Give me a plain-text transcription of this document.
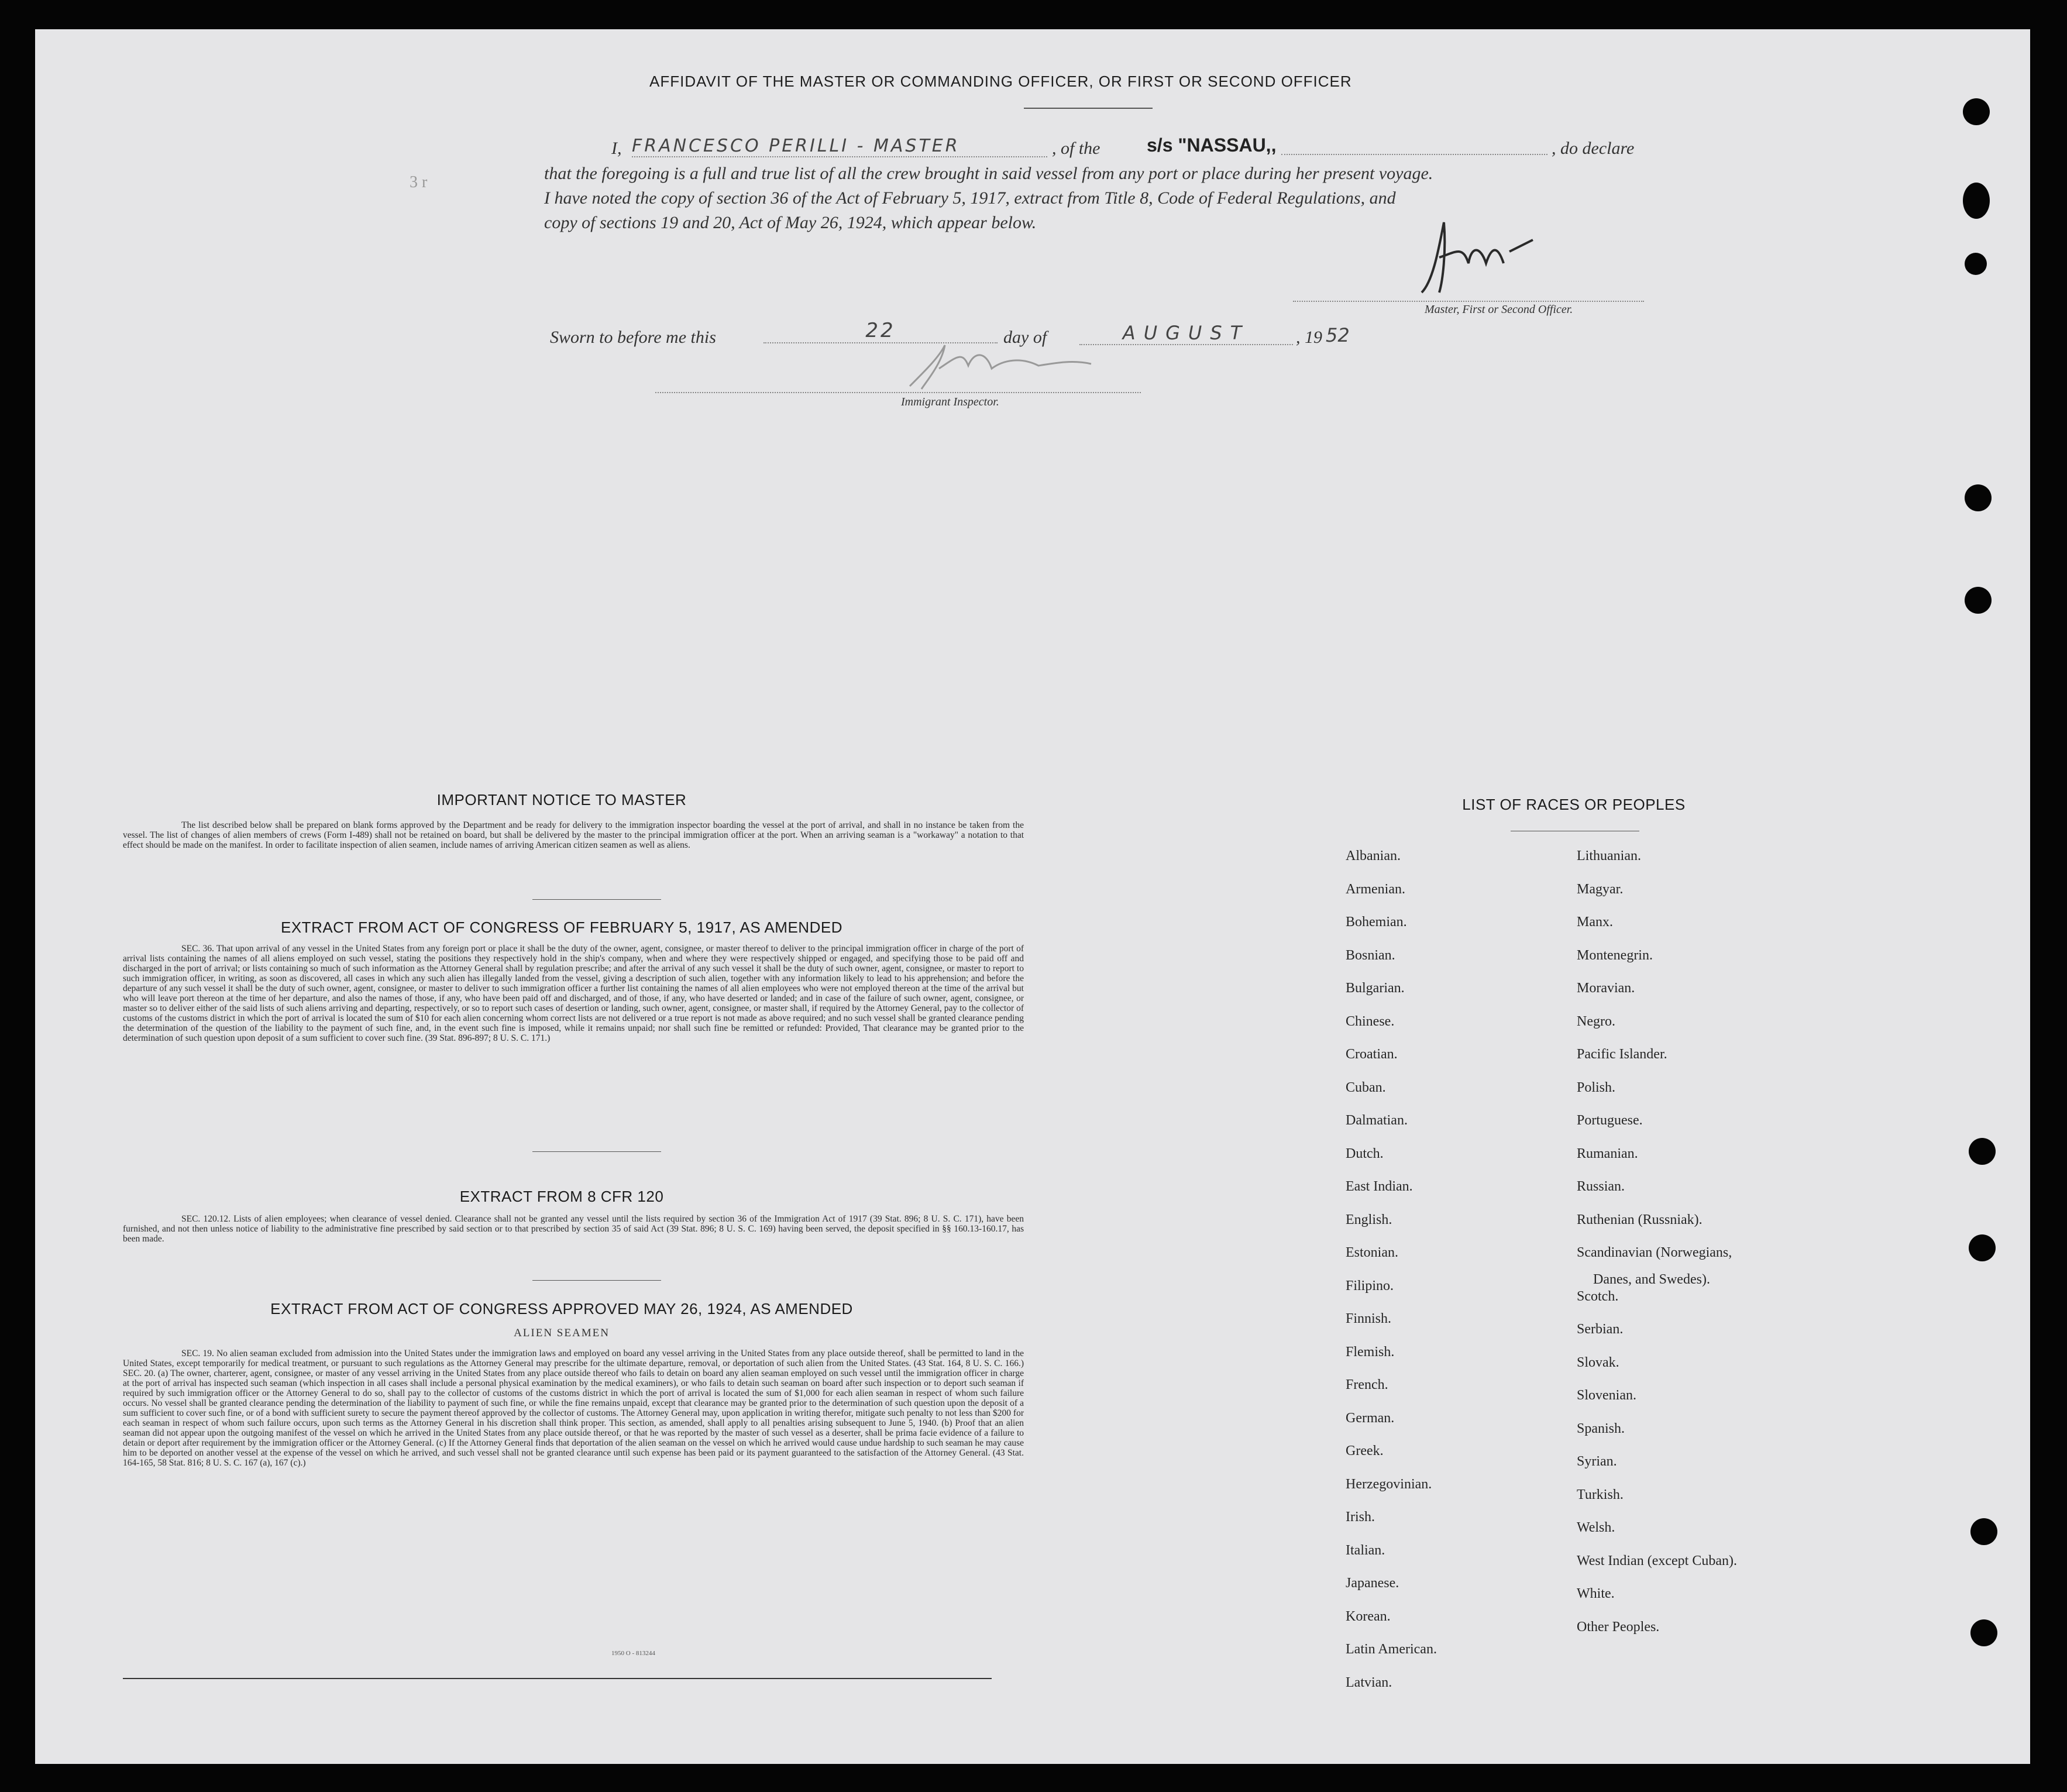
AFFIDAVIT OF THE MASTER OR COMMANDING OFFICER, OR FIRST OR SECOND OFFICER
I, FRANCESCO PERILLI - MASTER	, of the s/s "NASSAU,,	, do declare
3 r	that the foregoing is a full and true list of all the crew brought in said vessel from any port or place during her present voyage.
I have noted the copy of section 36 of the Act of February 5, 1917, extract from Title 8, Code of Federal Regulations, and
copy of sections 19 and 20, Act of May 26, 1924, which appear below.
Master, First or Second Officer.
Sworn to before me this	22	day of	AUGUST	, 19 52
Immigrant Inspector.
IMPORTANT NOTICE TO MASTER
The list described below shall be prepared on blank forms approved by the Department and be ready for delivery to the immigration inspector boarding the vessel at the port of arrival, and shall in no instance be taken from the vessel. The list of changes of alien members of crews (Form I-489) shall not be retained on board, but shall be delivered by the master to the principal immigration officer at the port. When an arriving seaman is a "workaway" a notation to that effect should be made on the manifest. In order to facilitate inspection of alien seamen, include names of arriving American citizen seamen as well as aliens.
EXTRACT FROM ACT OF CONGRESS OF FEBRUARY 5, 1917, AS AMENDED
SEC. 36. That upon arrival of any vessel in the United States from any foreign port or place it shall be the duty of the owner, agent, consignee, or master thereof to deliver to the principal immigration officer in charge of the port of arrival lists containing the names of all aliens employed on such vessel, stating the positions they respectively hold in the ship's company, when and where they were respectively shipped or engaged, and specifying those to be paid off and discharged in the port of arrival; or lists containing so much of such information as the Attorney General shall by regulation prescribe; and after the arrival of any such vessel it shall be the duty of such owner, agent, consignee, or master to report to such immigration officer, in writing, as soon as discovered, all cases in which any such alien has illegally landed from the vessel, giving a description of such alien, together with any information likely to lead to his apprehension; and before the departure of any such vessel it shall be the duty of such owner, agent, consignee, or master to deliver to such immigration officer a further list containing the names of all alien employees who were not employed thereon at the time of the arrival but who will leave port thereon at the time of her departure, and also the names of those, if any, who have been paid off and discharged, and of those, if any, who have deserted or landed; and in case of the failure of such owner, agent, consignee, or master so to deliver either of the said lists of such aliens arriving and departing, respectively, or so to report such cases of desertion or landing, such owner, agent, consignee, or master shall, if required by the Attorney General, pay to the collector of customs of the customs district in which the port of arrival is located the sum of $10 for each alien concerning whom correct lists are not delivered or a true report is not made as above required; and no such vessel shall be granted clearance pending the determination of the question of the liability to the payment of such fine, and, in the event such fine is imposed, while it remains unpaid; nor shall such fine be remitted or refunded: Provided, That clearance may be granted prior to the determination of such question upon deposit of a sum sufficient to cover such fine. (39 Stat. 896-897; 8 U. S. C. 171.)
EXTRACT FROM 8 CFR 120
SEC. 120.12. Lists of alien employees; when clearance of vessel denied. Clearance shall not be granted any vessel until the lists required by section 36 of the Immigration Act of 1917 (39 Stat. 896; 8 U. S. C. 171), have been furnished, and not then unless notice of liability to the administrative fine prescribed by said section or to that prescribed by section 35 of said Act (39 Stat. 896; 8 U. S. C. 169) having been served, the deposit specified in §§ 160.13-160.17, has been made.
EXTRACT FROM ACT OF CONGRESS APPROVED MAY 26, 1924, AS AMENDED
ALIEN SEAMEN
SEC. 19. No alien seaman excluded from admission into the United States under the immigration laws and employed on board any vessel arriving in the United States from any place outside thereof, shall be permitted to land in the United States, except temporarily for medical treatment, or pursuant to such regulations as the Attorney General may prescribe for the ultimate departure, removal, or deportation of such alien from the United States. (43 Stat. 164, 8 U. S. C. 166.) SEC. 20. (a) The owner, charterer, agent, consignee, or master of any vessel arriving in the United States from any place outside thereof who fails to detain on board any alien seaman employed on such vessel until the immigration officer in charge at the port of arrival has inspected such seaman (which inspection in all cases shall include a personal physical examination by the medical examiners), or who fails to detain such seaman on board after such inspection or to deport such seaman if required by such immigration officer or the Attorney General to do so, shall pay to the collector of customs of the customs district in which the port of arrival is located the sum of $1,000 for each alien seaman in respect of whom such failure occurs. No vessel shall be granted clearance pending the determination of the liability to payment of such fine, or while the fine remains unpaid, except that clearance may be granted prior to the determination of such question upon the deposit of a sum sufficient to cover such fine, or of a bond with sufficient surety to secure the payment thereof approved by the collector of customs. The Attorney General may, upon application in writing therefor, mitigate such penalty to not less than $200 for each seaman in respect of whom such failure occurs, upon such terms as the Attorney General in his discretion shall think proper. This section, as amended, shall apply to all penalties arising subsequent to June 5, 1940. (b) Proof that an alien seaman did not appear upon the outgoing manifest of the vessel on which he arrived in the United States from any place outside thereof, or that he was reported by the master of such vessel as a deserter, shall be prima facie evidence of a failure to detain or deport after requirement by the immigration officer or the Attorney General. (c) If the Attorney General finds that deportation of the alien seaman on the vessel on which he arrived would cause undue hardship to such seaman he may cause him to be deported on another vessel at the expense of the vessel on which he arrived, and such vessel shall not be granted clearance until such expense has been paid or its payment guaranteed to the satisfaction of the Attorney General. (43 Stat. 164-165, 58 Stat. 816; 8 U. S. C. 167 (a), 167 (c).)
1950 O - 813244
LIST OF RACES OR PEOPLES
Albanian.
Armenian.
Bohemian.
Bosnian.
Bulgarian.
Chinese.
Croatian.
Cuban.
Dalmatian.
Dutch.
East Indian.
English.
Estonian.
Filipino.
Finnish.
Flemish.
French.
German.
Greek.
Herzegovinian.
Irish.
Italian.
Japanese.
Korean.
Latin American.
Latvian.
Lithuanian.
Magyar.
Manx.
Montenegrin.
Moravian.
Negro.
Pacific Islander.
Polish.
Portuguese.
Rumanian.
Russian.
Ruthenian (Russniak).
Scandinavian (Norwegians,
Danes, and Swedes).
Scotch.
Serbian.
Slovak.
Slovenian.
Spanish.
Syrian.
Turkish.
Welsh.
West Indian (except Cuban).
White.
Other Peoples.
